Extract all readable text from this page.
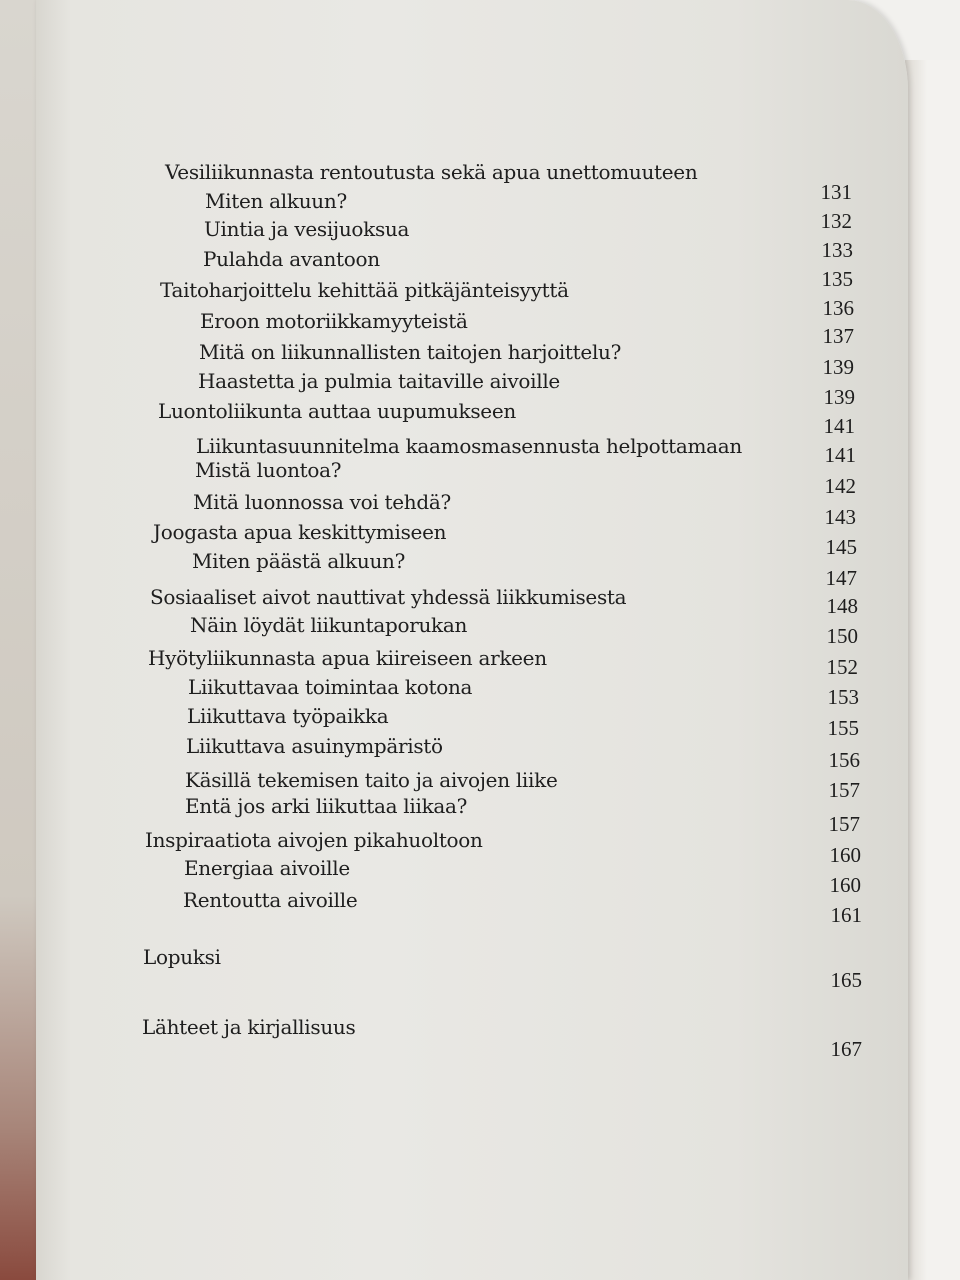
Vesiliikunnasta rentoutusta sekä apua unettomuuteen
131
Miten alkuun?
132
Uintia ja vesijuoksua
133
Pulahda avantoon
135
Taitoharjoittelu kehittää pitkäjänteisyyttä
136
Eroon motoriikkamyyteistä
137
Mitä on liikunnallisten taitojen harjoittelu?
139
Haastetta ja pulmia taitaville aivoille
139
Luontoliikunta auttaa uupumukseen
141
Liikuntasuunnitelma kaamosmasennusta helpottamaan	141
Mistä luontoa?
142
Mitä luonnossa voi tehdä?
143
Joogasta apua keskittymiseen
145
Miten päästä alkuun?
147
Sosiaaliset aivot nauttivat yhdessä liikkumisesta	148
Näin löydät liikuntaporukan	150
Hyötyliikunnasta apua kiireiseen arkeen	152
Liikuttavaa toimintaa kotona	153
Liikuttava työpaikka	155
Liikuttava asuinympäristö
156
Käsillä tekemisen taito ja aivojen liike	157
Entä jos arki liikuttaa liikaa?
157
Inspiraatiota aivojen pikahuoltoon
160
Energiaa aivoille
160
Rentoutta aivoille
161
Lopuksi
165
Lähteet ja kirjallisuus
167
